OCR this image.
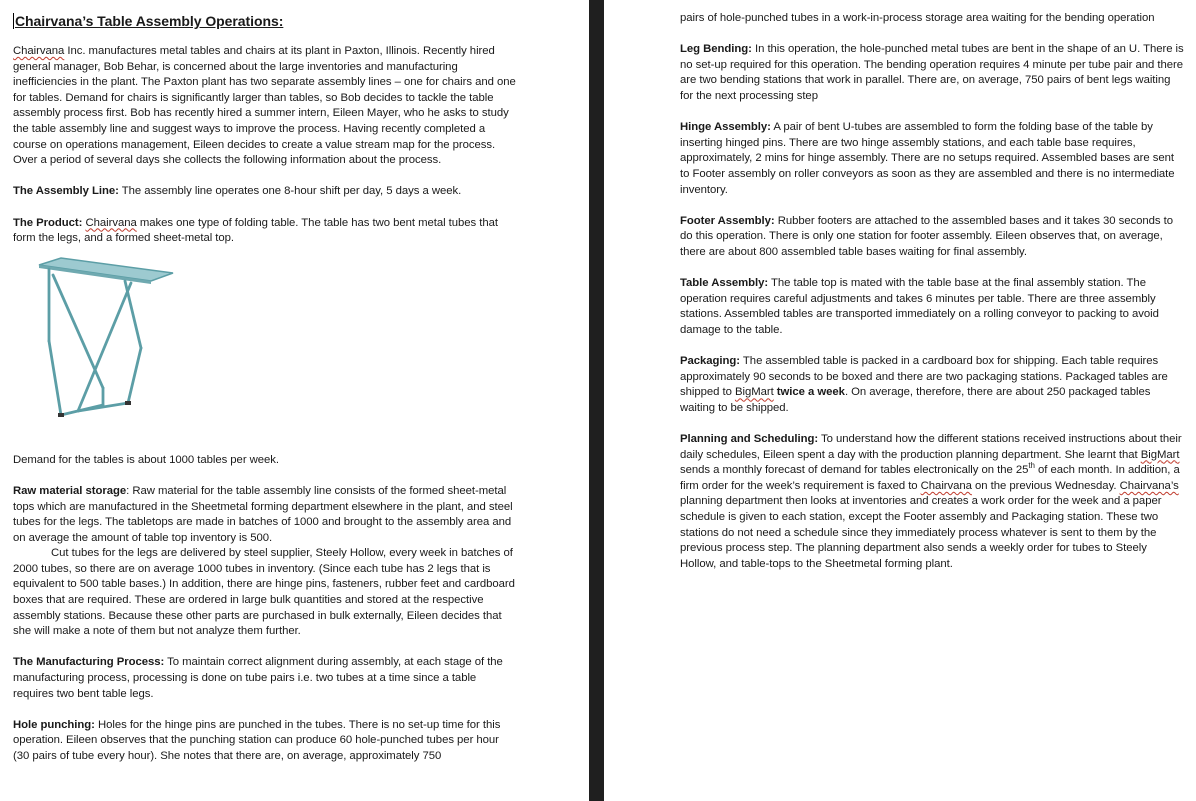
Chairvana’s Table Assembly Operations:

Chairvana Inc. manufactures metal tables and chairs at its plant in Paxton, Illinois. Recently hired general manager, Bob Behar, is concerned about the large inventories and manufacturing inefficiencies in the plant. The Paxton plant has two separate assembly lines – one for chairs and one for tables. Demand for chairs is significantly larger than tables, so Bob decides to tackle the table assembly process first. Bob has recently hired a summer intern, Eileen Mayer, who he asks to study the table assembly line and suggest ways to improve the process. Having recently completed a course on operations management, Eileen decides to create a value stream map for the process. Over a period of several days she collects the following information about the process.

The Assembly Line: The assembly line operates one 8-hour shift per day, 5 days a week.

The Product: Chairvana makes one type of folding table. The table has two bent metal tubes that form the legs, and a formed sheet-metal top.

Demand for the tables is about 1000 tables per week.

Raw material storage: Raw material for the table assembly line consists of the formed sheet-metal tops which are manufactured in the Sheetmetal forming department elsewhere in the plant, and steel tubes for the legs. The tabletops are made in batches of 1000 and brought to the assembly area and on average the amount of table top inventory is 500.

Cut tubes for the legs are delivered by steel supplier, Steely Hollow, every week in batches of 2000 tubes, so there are on average 1000 tubes in inventory. (Since each tube has 2 legs that is equivalent to 500 table bases.) In addition, there are hinge pins, fasteners, rubber feet and cardboard boxes that are required. These are ordered in large bulk quantities and stored at the respective assembly stations. Because these other parts are purchased in bulk externally, Eileen decides that she will make a note of them but not analyze them further.

The Manufacturing Process: To maintain correct alignment during assembly, at each stage of the manufacturing process, processing is done on tube pairs i.e. two tubes at a time since a table requires two bent table legs.

Hole punching: Holes for the hinge pins are punched in the tubes. There is no set-up time for this operation. Eileen observes that the punching station can produce 60 hole-punched tubes per hour (30 pairs of tube every hour). She notes that there are, on average, approximately 750

pairs of hole-punched tubes in a work-in-process storage area waiting for the bending operation

Leg Bending: In this operation, the hole-punched metal tubes are bent in the shape of an U. There is no set-up required for this operation. The bending operation requires 4 minute per tube pair and there are two bending stations that work in parallel. There are, on average, 750 pairs of bent legs waiting for the next processing step

Hinge Assembly: A pair of bent U-tubes are assembled to form the folding base of the table by inserting hinged pins. There are two hinge assembly stations, and each table base requires, approximately, 2 mins for hinge assembly. There are no setups required. Assembled bases are sent to Footer assembly on roller conveyors as soon as they are assembled and there is no intermediate inventory.

Footer Assembly: Rubber footers are attached to the assembled bases and it takes 30 seconds to do this operation. There is only one station for footer assembly. Eileen observes that, on average, there are about 800 assembled table bases waiting for final assembly.

Table Assembly: The table top is mated with the table base at the final assembly station. The operation requires careful adjustments and takes 6 minutes per table. There are three assembly stations. Assembled tables are transported immediately on a rolling conveyor to packing to avoid damage to the table.

Packaging: The assembled table is packed in a cardboard box for shipping. Each table requires approximately 90 seconds to be boxed and there are two packaging stations. Packaged tables are shipped to BigMart twice a week. On average, therefore, there are about 250 packaged tables waiting to be shipped.

Planning and Scheduling: To understand how the different stations received instructions about their daily schedules, Eileen spent a day with the production planning department. She learnt that BigMart sends a monthly forecast of demand for tables electronically on the 25th of each month. In addition, a firm order for the week’s requirement is faxed to Chairvana on the previous Wednesday. Chairvana’s planning department then looks at inventories and creates a work order for the week and a paper schedule is given to each station, except the Footer assembly and Packaging station. These two stations do not need a schedule since they immediately process whatever is sent to them by the previous process step. The planning department also sends a weekly order for tubes to Steely Hollow, and table-tops to the Sheetmetal forming plant.
